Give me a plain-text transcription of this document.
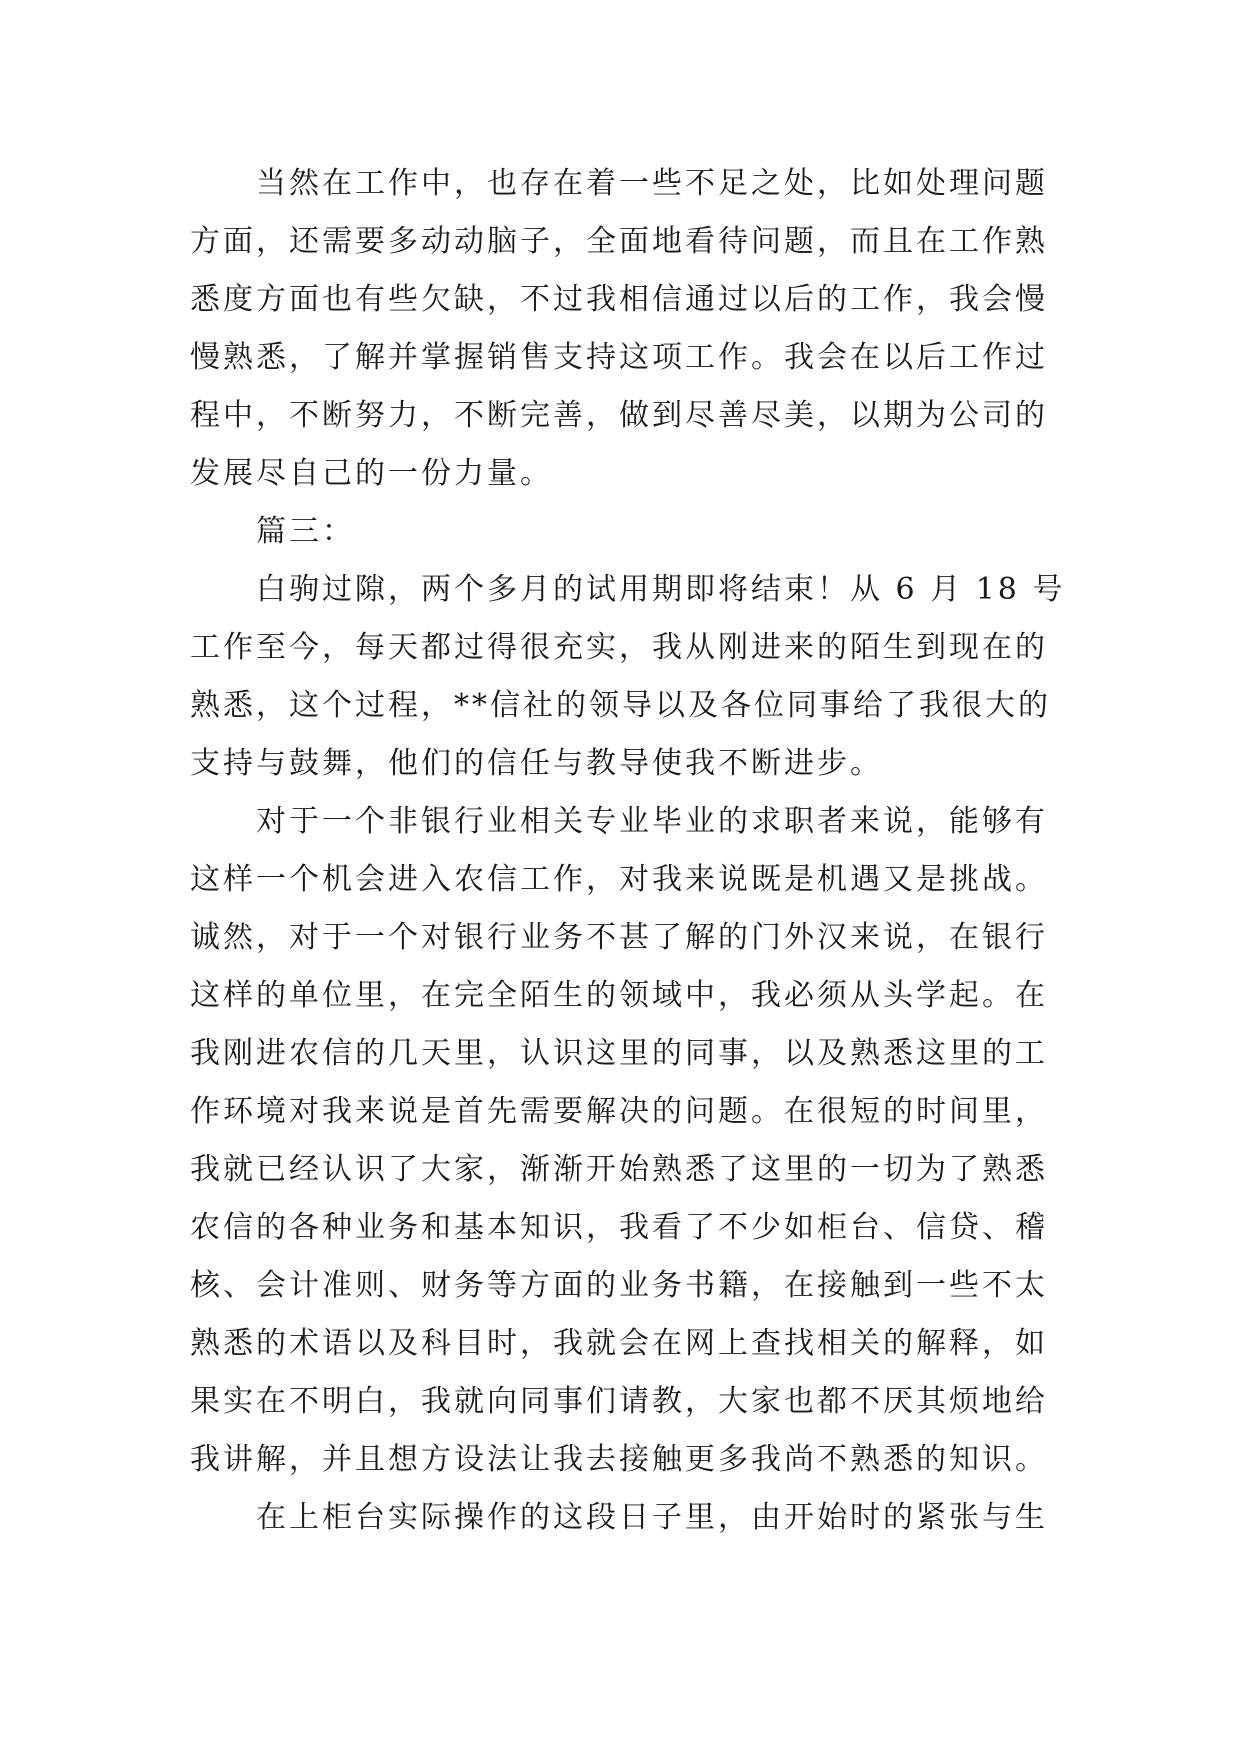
当然在工作中，也存在着一些不足之处，比如处理问题
方面，还需要多动动脑子，全面地看待问题，而且在工作熟
悉度方面也有些欠缺，不过我相信通过以后的工作，我会慢
慢熟悉，了解并掌握销售支持这项工作。我会在以后工作过
程中，不断努力，不断完善，做到尽善尽美，以期为公司的
发展尽自己的一份力量。
篇三：
白驹过隙，两个多月的试用期即将结束！从 6 月 18 号
工作至今，每天都过得很充实，我从刚进来的陌生到现在的
熟悉，这个过程，**信社的领导以及各位同事给了我很大的
支持与鼓舞，他们的信任与教导使我不断进步。
对于一个非银行业相关专业毕业的求职者来说，能够有
这样一个机会进入农信工作，对我来说既是机遇又是挑战。
诚然，对于一个对银行业务不甚了解的门外汉来说，在银行
这样的单位里，在完全陌生的领域中，我必须从头学起。在
我刚进农信的几天里，认识这里的同事，以及熟悉这里的工
作环境对我来说是首先需要解决的问题。在很短的时间里，
我就已经认识了大家，渐渐开始熟悉了这里的一切为了熟悉
农信的各种业务和基本知识，我看了不少如柜台、信贷、稽
核、会计准则、财务等方面的业务书籍，在接触到一些不太
熟悉的术语以及科目时，我就会在网上查找相关的解释，如
果实在不明白，我就向同事们请教，大家也都不厌其烦地给
我讲解，并且想方设法让我去接触更多我尚不熟悉的知识。
在上柜台实际操作的这段日子里，由开始时的紧张与生
